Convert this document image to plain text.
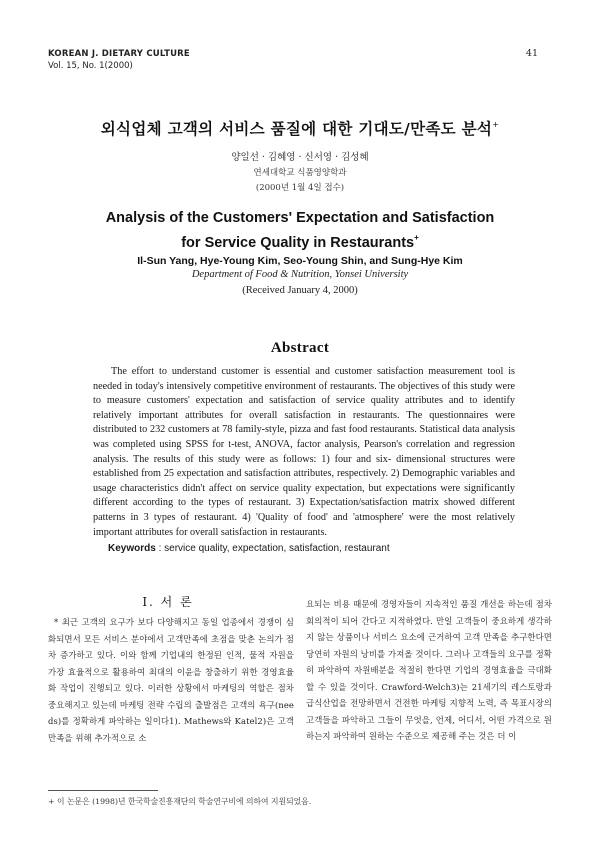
KOREAN J. DIETARY CULTURE
Vol. 15, No. 1(2000)
41
외식업체 고객의 서비스 품질에 대한 기대도/만족도 분석+
양일선 · 김혜영 · 신서영 · 김성혜
연세대학교 식품영양학과
(2000년 1월 4일 접수)
Analysis of the Customers' Expectation and Satisfaction
for Service Quality in Restaurants+
Il-Sun Yang, Hye-Young Kim, Seo-Young Shin, and Sung-Hye Kim
Department of Food & Nutrition, Yonsei University
(Received January 4, 2000)
Abstract

The effort to understand customer is essential and customer satisfaction measurement tool is needed in today's intensively competitive environment of restaurants. The objectives of this study were to measure customers' expectation and satisfaction of service quality attributes and to identify relatively important attributes for overall satisfaction in restaurants. The questionnaires were distributed to 232 customers at 78 family-style, pizza and fast food restaurants. Statistical data analysis was completed using SPSS for t-test, ANOVA, factor analysis, Pearson's correlation and regression analysis. The results of this study were as follows: 1) four and six- dimensional structures were established from 25 expectation and satisfaction attributes, respectively. 2) Demographic variables and usage characteristics didn't affect on service quality expectation, but expectations were significantly different according to the types of restaurant. 3) Expectation/satisfaction matrix showed different patterns in 3 types of restaurant. 4) 'Quality of food' and 'atmosphere' were the most relatively important attributes for overall satisfaction in restaurants.

Keywords : service quality, expectation, satisfaction, restaurant
I. 서 론

* 최근 고객의 요구가 보다 다양해지고 동일 업종에서 경쟁이 심화되면서 모든 서비스 분야에서 고객만족에 초점을 맞춘 논의가 점차 증가하고 있다. 이와 함께 기업내의 한정된 인적, 물적 자원을 가장 효율적으로 활용하여 최대의 이윤을 창출하기 위한 경영효율화 작업이 진행되고 있다. 이러한 상황에서 마케팅의 역할은 점차 중요해지고 있는데 마케팅 전략 수립의 출발점은 고객의 욕구(needs)를 정확하게 파악하는 일이다1). Mathews와 Katel2)은 고객만족을 위해 추가적으로 소

요되는 비용 때문에 경영자들이 지속적인 품질 개선을 하는데 점차 회의적이 되어 간다고 지적하였다. 만일 고객들이 중요하게 생각하지 않는 상품이나 서비스 요소에 근거하여 고객 만족을 추구한다면 당연히 자원의 낭비를 가져올 것이다. 그러나 고객들의 요구를 정확히 파악하여 자원배분을 적절히 한다면 기업의 경영효율을 극대화할 수 있을 것이다. Crawford-Welch3)는 21세기의 레스토랑과 급식산업을 전망하면서 건전한 마케팅 지향적 노력, 즉 목표시장의 고객들을 파악하고 그들이 무엇을, 언제, 어디서, 어떤 가격으로 원하는지 파악하여 원하는 수준으로 제공해 주는 것은 더 이

+ 이 논문은 (1998)년 한국학술진흥재단의 학술연구비에 의하여 지원되었음.
